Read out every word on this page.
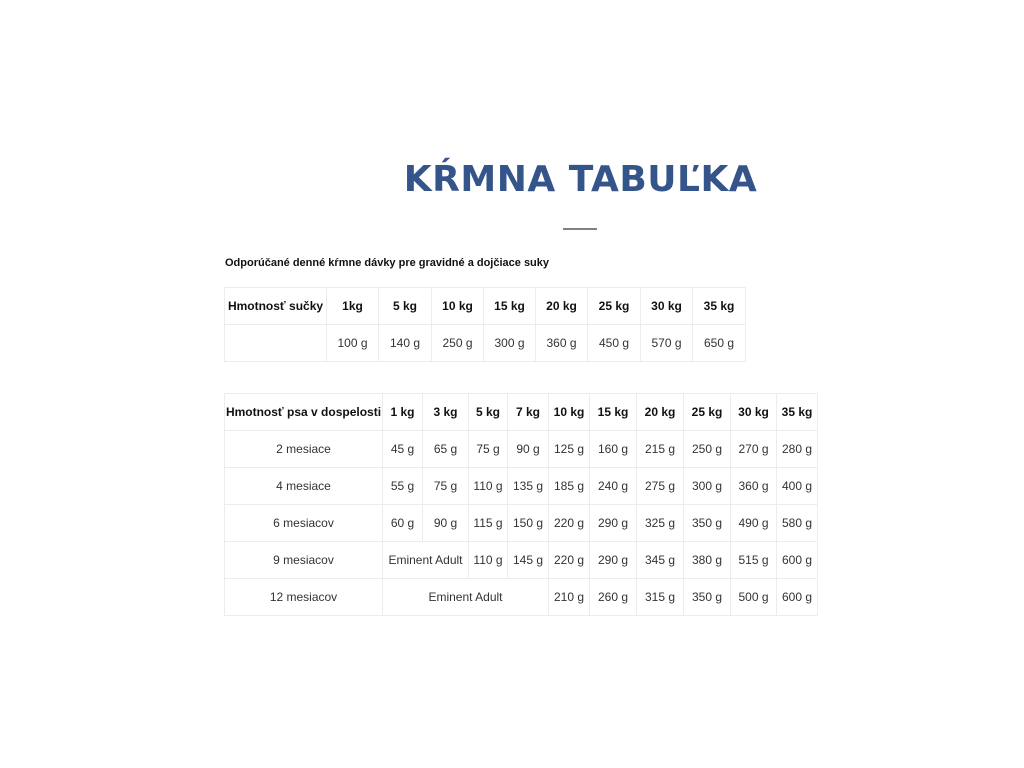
KŔMNA TABUĽKA
Odporúčané denné kŕmne dávky pre gravidné a dojčiace suky
Hmotnosť sučky	1kg	5 kg	10 kg	15 kg	20 kg	25 kg	30 kg	35 kg
	100 g	140 g	250 g	300 g	360 g	450 g	570 g	650 g
Hmotnosť psa v dospelosti	1 kg	3 kg	5 kg	7 kg	10 kg	15 kg	20 kg	25 kg	30 kg	35 kg
2 mesiace	45 g	65 g	75 g	90 g	125 g	160 g	215 g	250 g	270 g	280 g
4 mesiace	55 g	75 g	110 g	135 g	185 g	240 g	275 g	300 g	360 g	400 g
6 mesiacov	60 g	90 g	115 g	150 g	220 g	290 g	325 g	350 g	490 g	580 g
9 mesiacov	Eminent Adult		110 g	145 g	220 g	290 g	345 g	380 g	515 g	600 g
12 mesiacov	Eminent Adult				210 g	260 g	315 g	350 g	500 g	600 g
